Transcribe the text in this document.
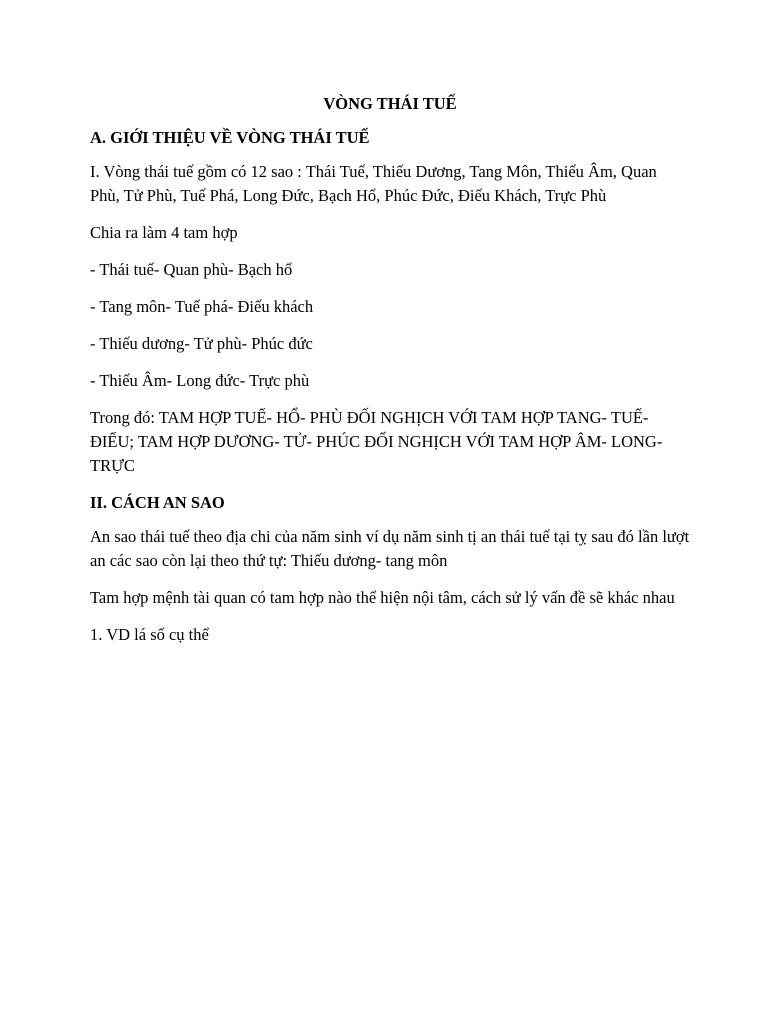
VÒNG THÁI TUẾ

A. GIỚI THIỆU VỀ VÒNG THÁI TUẾ

I. Vòng thái tuế gồm có 12 sao : Thái Tuế, Thiếu Dương, Tang Môn, Thiếu Âm, Quan Phù, Tử Phù, Tuế Phá, Long Đức, Bạch Hổ, Phúc Đức, Điếu Khách, Trực Phù

Chia ra làm 4 tam hợp

- Thái tuế- Quan phù- Bạch hổ

- Tang môn- Tuế phá- Điếu khách

- Thiếu dương- Tử phù- Phúc đức

- Thiếu Âm- Long đức- Trực phù

Trong đó: TAM HỢP TUẾ- HỔ- PHÙ ĐỐI NGHỊCH VỚI TAM HỢP TANG- TUẾ- ĐIẾU; TAM HỢP DƯƠNG- TỬ- PHÚC ĐỐI NGHỊCH VỚI TAM HỢP ÂM- LONG- TRỰC

II. CÁCH AN SAO

An sao thái tuế theo địa chi của năm sinh ví dụ năm sinh tị an thái tuế tại tỵ sau đó lần lượt an các sao còn lại theo thứ tự: Thiếu dương- tang môn

Tam hợp mệnh tài quan có tam hợp nào thể hiện nội tâm, cách sử lý vấn đề sẽ khác nhau

1. VD lá số cụ thể
